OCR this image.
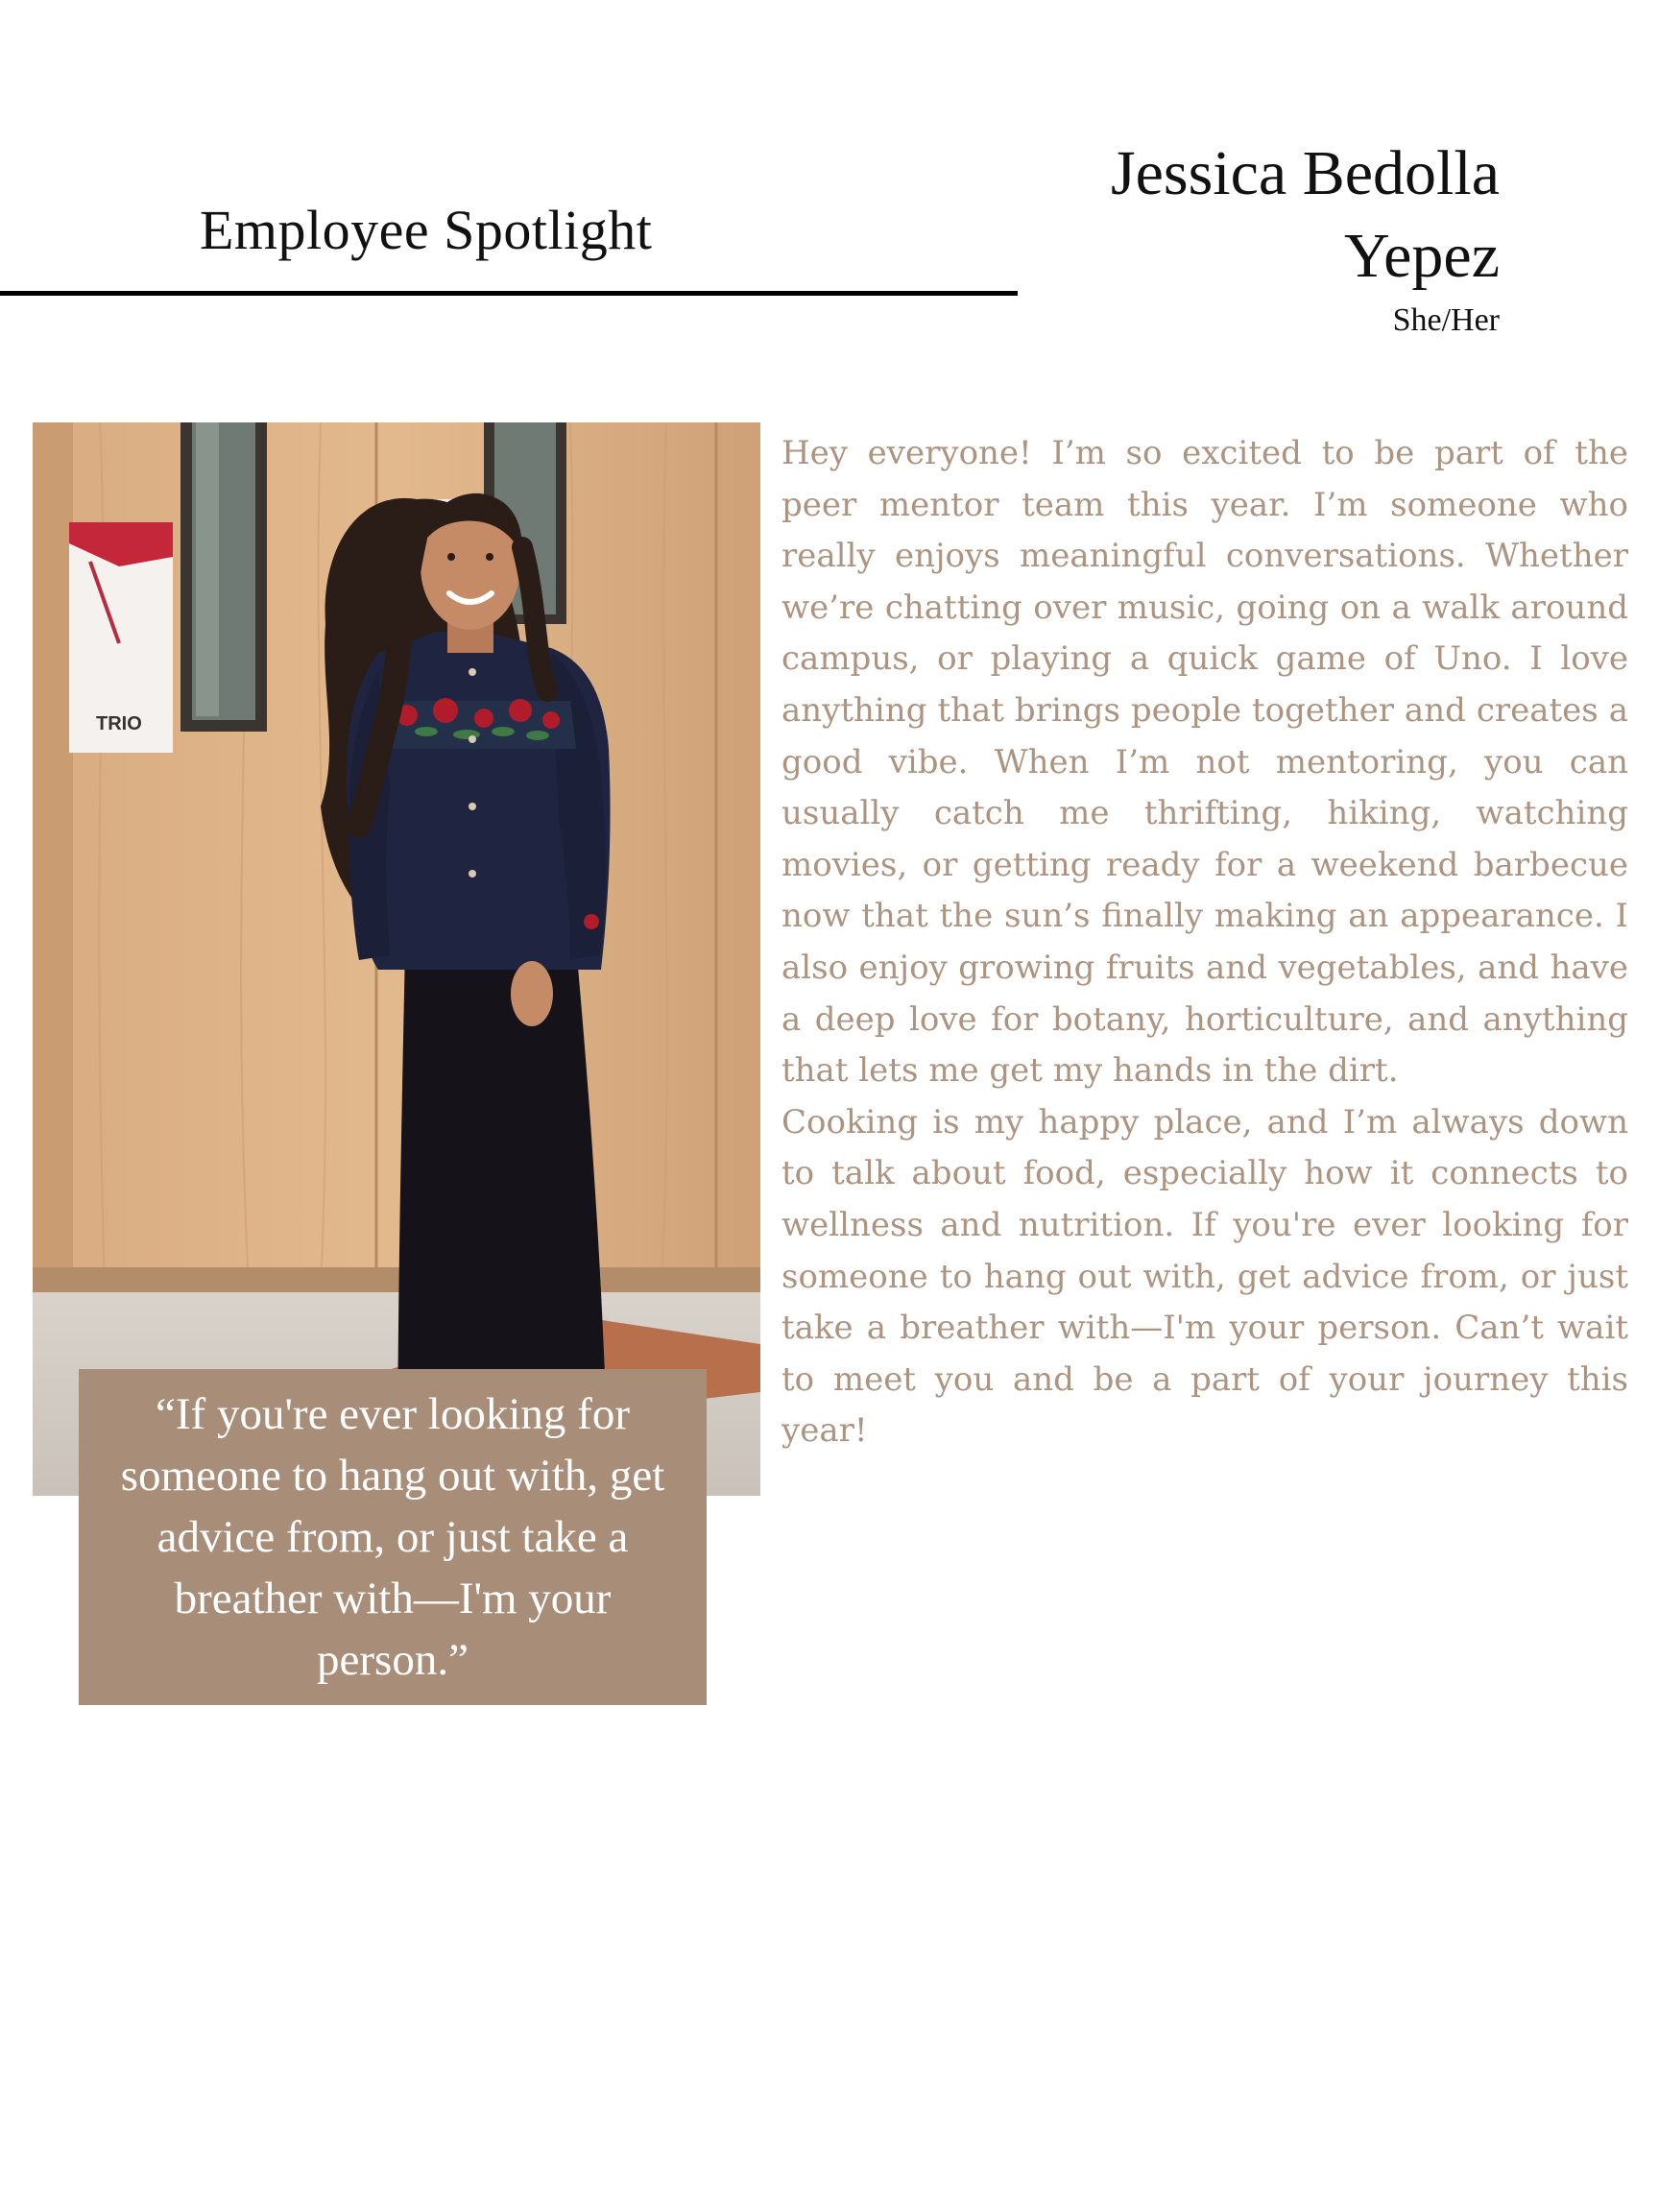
Employee Spotlight
Jessica Bedolla
Yepez
She/Her
TRIO
“If you're ever looking for someone to hang out with, get advice from, or just take a breather with—I'm your person.”

Hey everyone! I’m so excited to be part of the peer mentor team this year. I’m someone who really enjoys meaningful conversations. Whether we’re chatting over music, going on a walk around campus, or playing a quick game of Uno. I love anything that brings people together and creates a good vibe. When I’m not mentoring, you can usually catch me thrifting, hiking, watching movies, or getting ready for a weekend barbecue now that the sun’s finally making an appearance. I also enjoy growing fruits and vegetables, and have a deep love for botany, horticulture, and anything that lets me get my hands in the dirt.

Cooking is my happy place, and I’m always down to talk about food, especially how it connects to wellness and nutrition. If you're ever looking for someone to hang out with, get advice from, or just take a breather with—I'm your person. Can’t wait to meet you and be a part of your journey this year!
